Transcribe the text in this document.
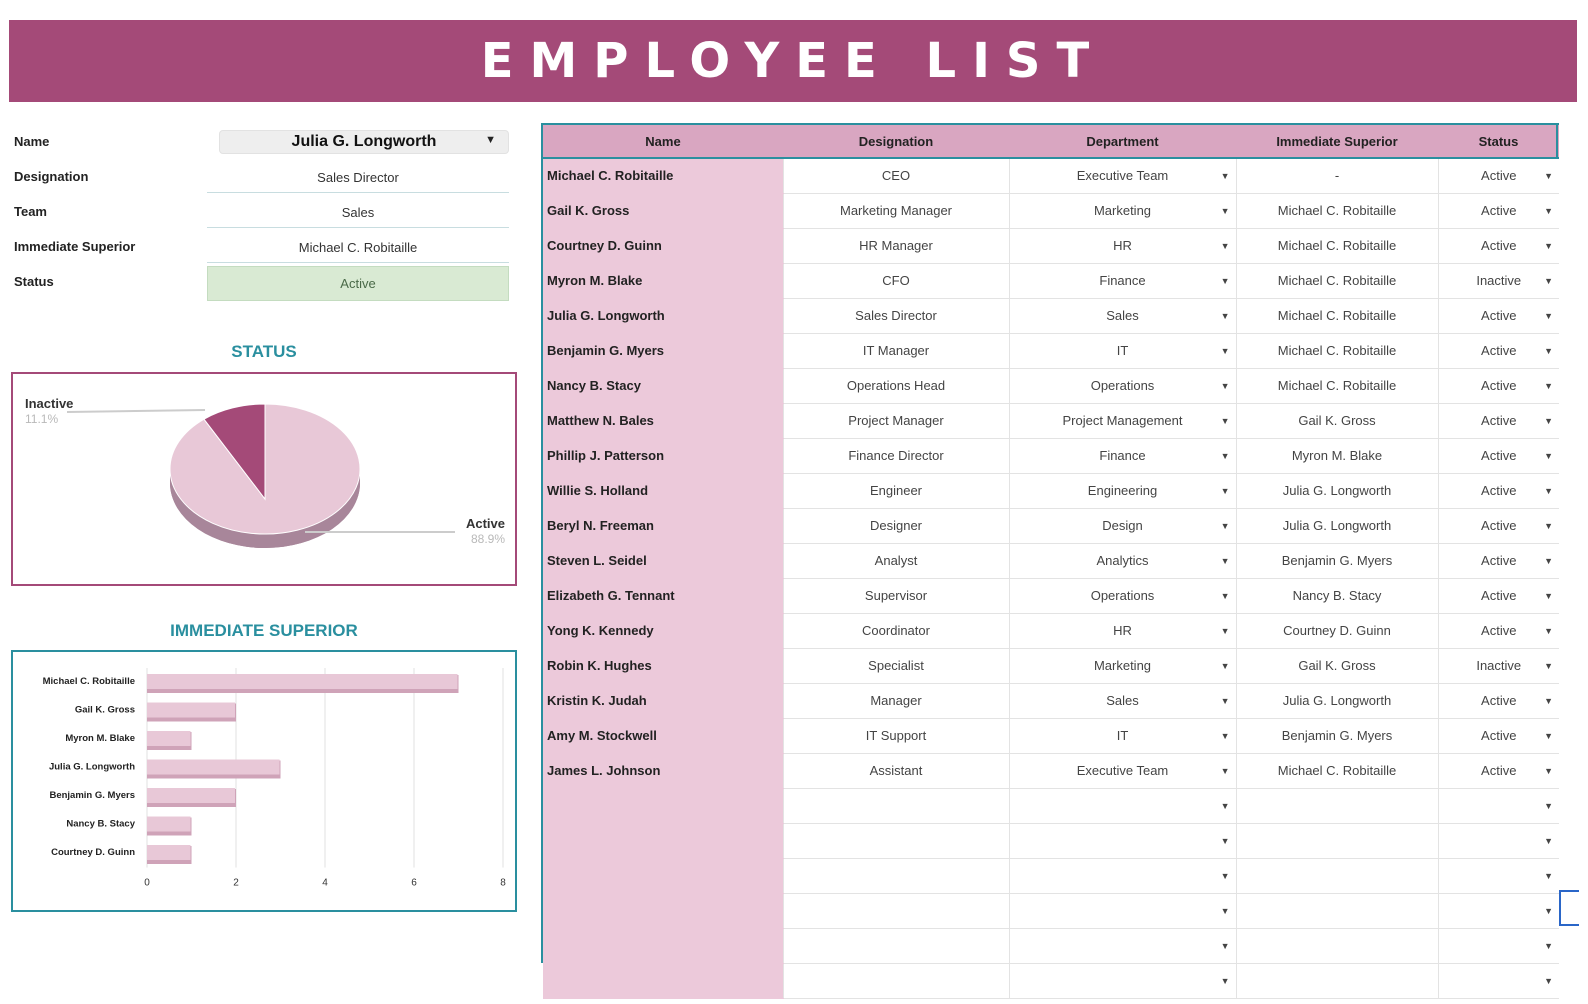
EMPLOYEE LIST
Name	Julia G. Longworth	▼
Designation	Sales Director
Team	Sales
Immediate Superior	Michael C. Robitaille
Status	Active
STATUS
Inactive
11.1%
Active
88.9%
IMMEDIATE SUPERIOR
0	2	4	6	8
Michael C. Robitaille
Gail K. Gross
Myron M. Blake
Julia G. Longworth
Benjamin G. Myers
Nancy B. Stacy
Courtney D. Guinn
Name	Designation	Department	Immediate Superior	Status
Michael C. Robitaille	CEO	Executive Team ▼	-	Active ▼

Gail K. Gross	Marketing Manager	Marketing ▼	Michael C. Robitaille	Active ▼

Courtney D. Guinn	HR Manager	HR ▼	Michael C. Robitaille	Active ▼

Myron M. Blake	CFO	Finance ▼	Michael C. Robitaille	Inactive ▼

Julia G. Longworth	Sales Director	Sales ▼	Michael C. Robitaille	Active ▼

Benjamin G. Myers	IT Manager	IT ▼	Michael C. Robitaille	Active ▼

Nancy B. Stacy	Operations Head	Operations ▼	Michael C. Robitaille	Active ▼

Matthew N. Bales	Project Manager	Project Management ▼	Gail K. Gross	Active ▼

Phillip J. Patterson	Finance Director	Finance ▼	Myron M. Blake	Active ▼

Willie S. Holland	Engineer	Engineering ▼	Julia G. Longworth	Active ▼

Beryl N. Freeman	Designer	Design ▼	Julia G. Longworth	Active ▼

Steven L. Seidel	Analyst	Analytics ▼	Benjamin G. Myers	Active ▼

Elizabeth G. Tennant	Supervisor	Operations ▼	Nancy B. Stacy	Active ▼

Yong K. Kennedy	Coordinator	HR ▼	Courtney D. Guinn	Active ▼

Robin K. Hughes	Specialist	Marketing ▼	Gail K. Gross	Inactive ▼

Kristin K. Judah	Manager	Sales ▼	Julia G. Longworth	Active ▼

Amy M. Stockwell	IT Support	IT ▼	Benjamin G. Myers	Active ▼

James L. Johnson	Assistant	Executive Team ▼	Michael C. Robitaille	Active ▼

		▼		▼

		▼		▼

		▼		▼

		▼		▼

		▼		▼

		▼		▼
